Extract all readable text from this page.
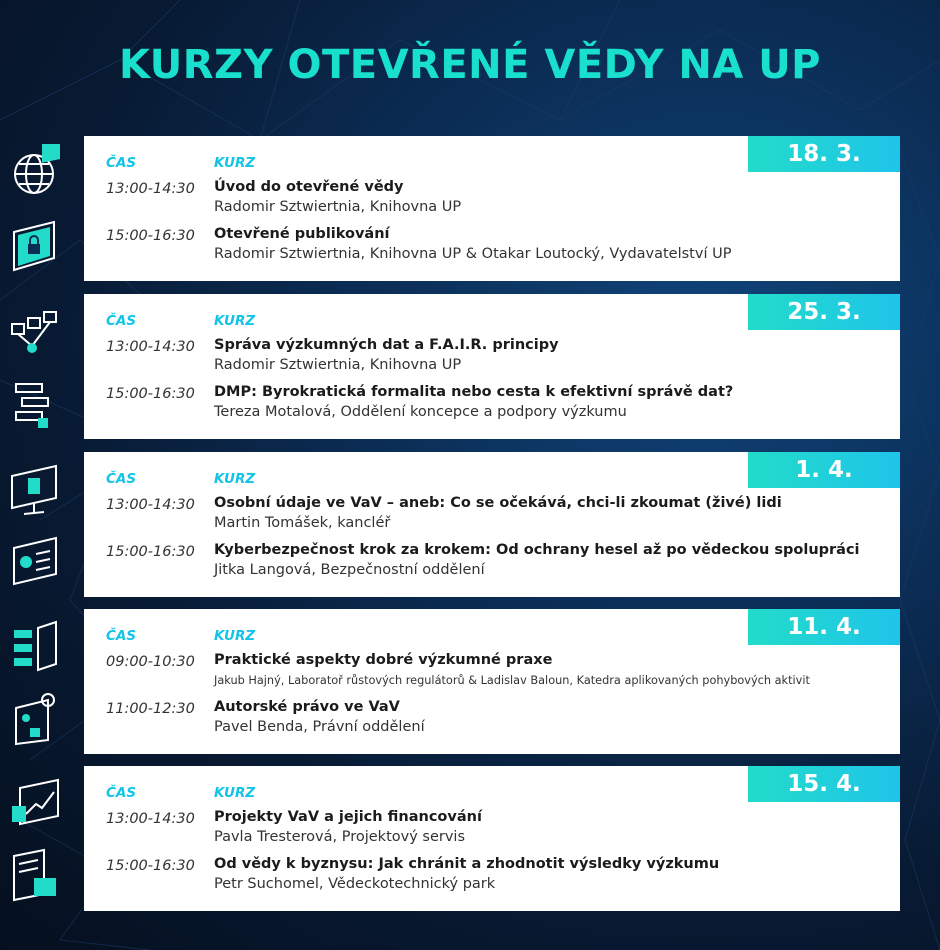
KURZY OTEVŘENÉ VĚDY NA UP
18. 3.
ČAS	KURZ
13:00-14:30 Úvod do otevřené vědy
Radomir Sztwiertnia, Knihovna UP
15:00-16:30 Otevřené publikování
Radomir Sztwiertnia, Knihovna UP & Otakar Loutocký, Vydavatelství UP
25. 3.
ČAS	KURZ
13:00-14:30 Správa výzkumných dat a F.A.I.R. principy
Radomir Sztwiertnia, Knihovna UP
15:00-16:30 DMP: Byrokratická formalita nebo cesta k efektivní správě dat?
Tereza Motalová, Oddělení koncepce a podpory výzkumu
1. 4.
ČAS	KURZ
13:00-14:30 Osobní údaje ve VaV – aneb: Co se očekává, chci-li zkoumat (živé) lidi
Martin Tomášek, kancléř
15:00-16:30 Kyberbezpečnost krok za krokem: Od ochrany hesel až po vědeckou spolupráci
Jitka Langová, Bezpečnostní oddělení
11. 4.
ČAS	KURZ
09:00-10:30 Praktické aspekty dobré výzkumné praxe
Jakub Hajný, Laboratoř růstových regulátorů & Ladislav Baloun, Katedra aplikovaných pohybových aktivit
11:00-12:30 Autorské právo ve VaV
Pavel Benda, Právní oddělení
15. 4.
ČAS	KURZ
13:00-14:30 Projekty VaV a jejich financování
Pavla Tresterová, Projektový servis
15:00-16:30 Od vědy k byznysu: Jak chránit a zhodnotit výsledky výzkumu
Petr Suchomel, Vědeckotechnický park
